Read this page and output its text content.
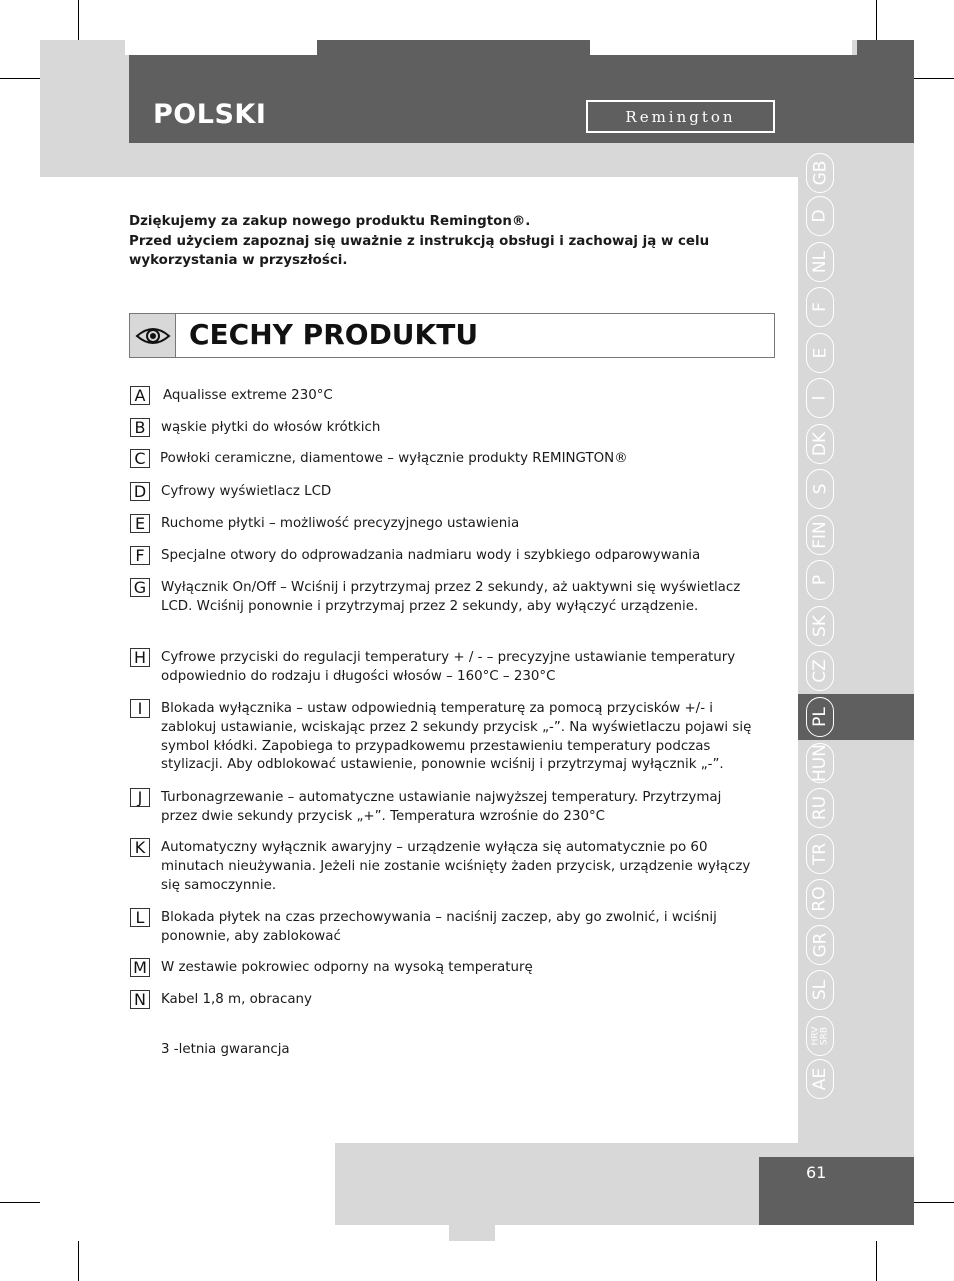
POLSKI	Remington
GB
D
NL
F
E
I
DK
S
FIN
P
SK
CZ
PL
HUN
RU
TR
RO
GR
SL
HRV
SRB
AE
61
Dziękujemy za zakup nowego produktu Remington®.
Przed użyciem zapoznaj się uważnie z instrukcją obsługi i zachowaj ją w celu wykorzystania w przyszłości.
CECHY PRODUKTU
A	Aqualisse extreme 230°C
B	wąskie płytki do włosów krótkich
C	Powłoki ceramiczne, diamentowe – wyłącznie produkty REMINGTON®
D Cyfrowy wyświetlacz LCD
E	Ruchome płytki – możliwość precyzyjnego ustawienia
F	Specjalne otwory do odprowadzania nadmiaru wody i szybkiego odparowywania
G Wyłącznik On/Off – Wciśnij i przytrzymaj przez 2 sekundy, aż uaktywni się wyświetlacz LCD. Wciśnij ponownie i przytrzymaj przez 2 sekundy, aby wyłączyć urządzenie.
H Cyfrowe przyciski do regulacji temperatury + / - – precyzyjne ustawianie temperatury odpowiednio do rodzaju i długości włosów – 160°C – 230°C
I	Blokada wyłącznika – ustaw odpowiednią temperaturę za pomocą przycisków +/- i zablokuj ustawianie, wciskając przez 2 sekundy przycisk „-”. Na wyświetlaczu pojawi się symbol kłódki. Zapobiega to przypadkowemu przestawieniu temperatury podczas stylizacji. Aby odblokować ustawienie, ponownie wciśnij i przytrzymaj wyłącznik „-”.
J	Turbonagrzewanie – automatyczne ustawianie najwyższej temperatury. Przytrzymaj przez dwie sekundy przycisk „+”. Temperatura wzrośnie do 230°C
K	Automatyczny wyłącznik awaryjny – urządzenie wyłącza się automatycznie po 60 minutach nieużywania. Jeżeli nie zostanie wciśnięty żaden przycisk, urządzenie wyłączy się samoczynnie.
L	Blokada płytek na czas przechowywania – naciśnij zaczep, aby go zwolnić, i wciśnij ponownie, aby zablokować
M W zestawie pokrowiec odporny na wysoką temperaturę
N Kabel 1,8 m, obracany
3 -letnia gwarancja
